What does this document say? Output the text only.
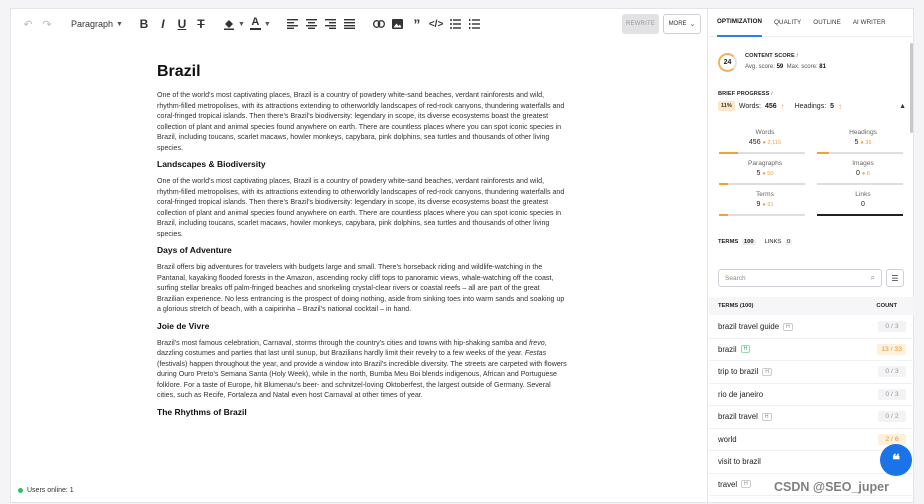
↶ ↷	Paragraph ▼	B	I	U T	▼ A ▼	” </>	REWRITE	MORE ⌄
Brazil

One of the world’s most captivating places, Brazil is a country of powdery white-sand beaches, verdant rainforests and wild, rhythm-filled metropolises, with its attractions extending to otherworldly landscapes of red-rock canyons, thundering waterfalls and coral-fringed tropical islands. Then there’s Brazil’s biodiversity: legendary in scope, its diverse ecosystems boast the greatest collection of plant and animal species found anywhere on earth. There are countless places where you can spot iconic species in Brazil, including toucans, scarlet macaws, howler monkeys, capybara, pink dolphins, sea turtles and thousands of other living species.

Landscapes & Biodiversity

One of the world’s most captivating places, Brazil is a country of powdery white-sand beaches, verdant rainforests and wild, rhythm-filled metropolises, with its attractions extending to otherworldly landscapes of red-rock canyons, thundering waterfalls and coral-fringed tropical islands. Then there’s Brazil’s biodiversity: legendary in scope, its diverse ecosystems boast the greatest collection of plant and animal species found anywhere on earth. There are countless places where you can spot iconic species in Brazil, including toucans, scarlet macaws, howler monkeys, capybara, pink dolphins, sea turtles and thousands of other living species.

Days of Adventure

Brazil offers big adventures for travelers with budgets large and small. There’s horseback riding and wildlife-watching in the Pantanal, kayaking flooded forests in the Amazon, ascending rocky cliff tops to panoramic views, whale-watching off the coast, surfing stellar breaks off palm-fringed beaches and snorkeling crystal-clear rivers or coastal reefs – all are part of the great Brazilian experience. No less entrancing is the prospect of doing nothing, aside from sinking toes into warm sands and soaking up a glorious stretch of beach, with a caipirinha – Brazil’s national cocktail – in hand.

Joie de Vivre

Brazil’s most famous celebration, Carnaval, storms through the country’s cities and towns with hip-shaking samba and frevo, dazzling costumes and parties that last until sunup, but Brazilians hardly limit their revelry to a few weeks of the year. Festas (festivals) happen throughout the year, and provide a window into Brazil’s incredible diversity. The streets are carpeted with flowers during Ouro Preto’s Semana Santa (Holy Week), while in the north, Bumba Meu Boi blends indigenous, African and Portuguese folklore. For a taste of Europe, hit Blumenau’s beer- and schnitzel-loving Oktoberfest, the largest outside of Germany. Several cities, such as Recife, Fortaleza and Natal even host Carnaval at other times of year.

The Rhythms of Brazil
Users online: 1
OPTIMIZATION QUALITY OUTLINE AI WRITER
24
CONTENT SCORE /
Avg. score: 59 Max. score: 81
BRIEF PROGRESS /
11%	Words: 456 ↑ Headings: 5 ↑	▲
Words
456 ● 2,115
Headings
5 ● 36
Paragraphs
5 ● 50
Images
0 ● 6
Terms
9 ● 91
Links
0
TERMS 100	LINKS 0
Search	⌕ ☰
TERMS (100)	COUNT
brazil travel guide	H	0 / 3
brazil	H	13 / 33
trip to brazil	H	0 / 3
rio de janeiro	0 / 3
brazil travel	H	0 / 2
world	2 / 6
visit to brazil
travel	H
❝
CSDN @SEO_juper
